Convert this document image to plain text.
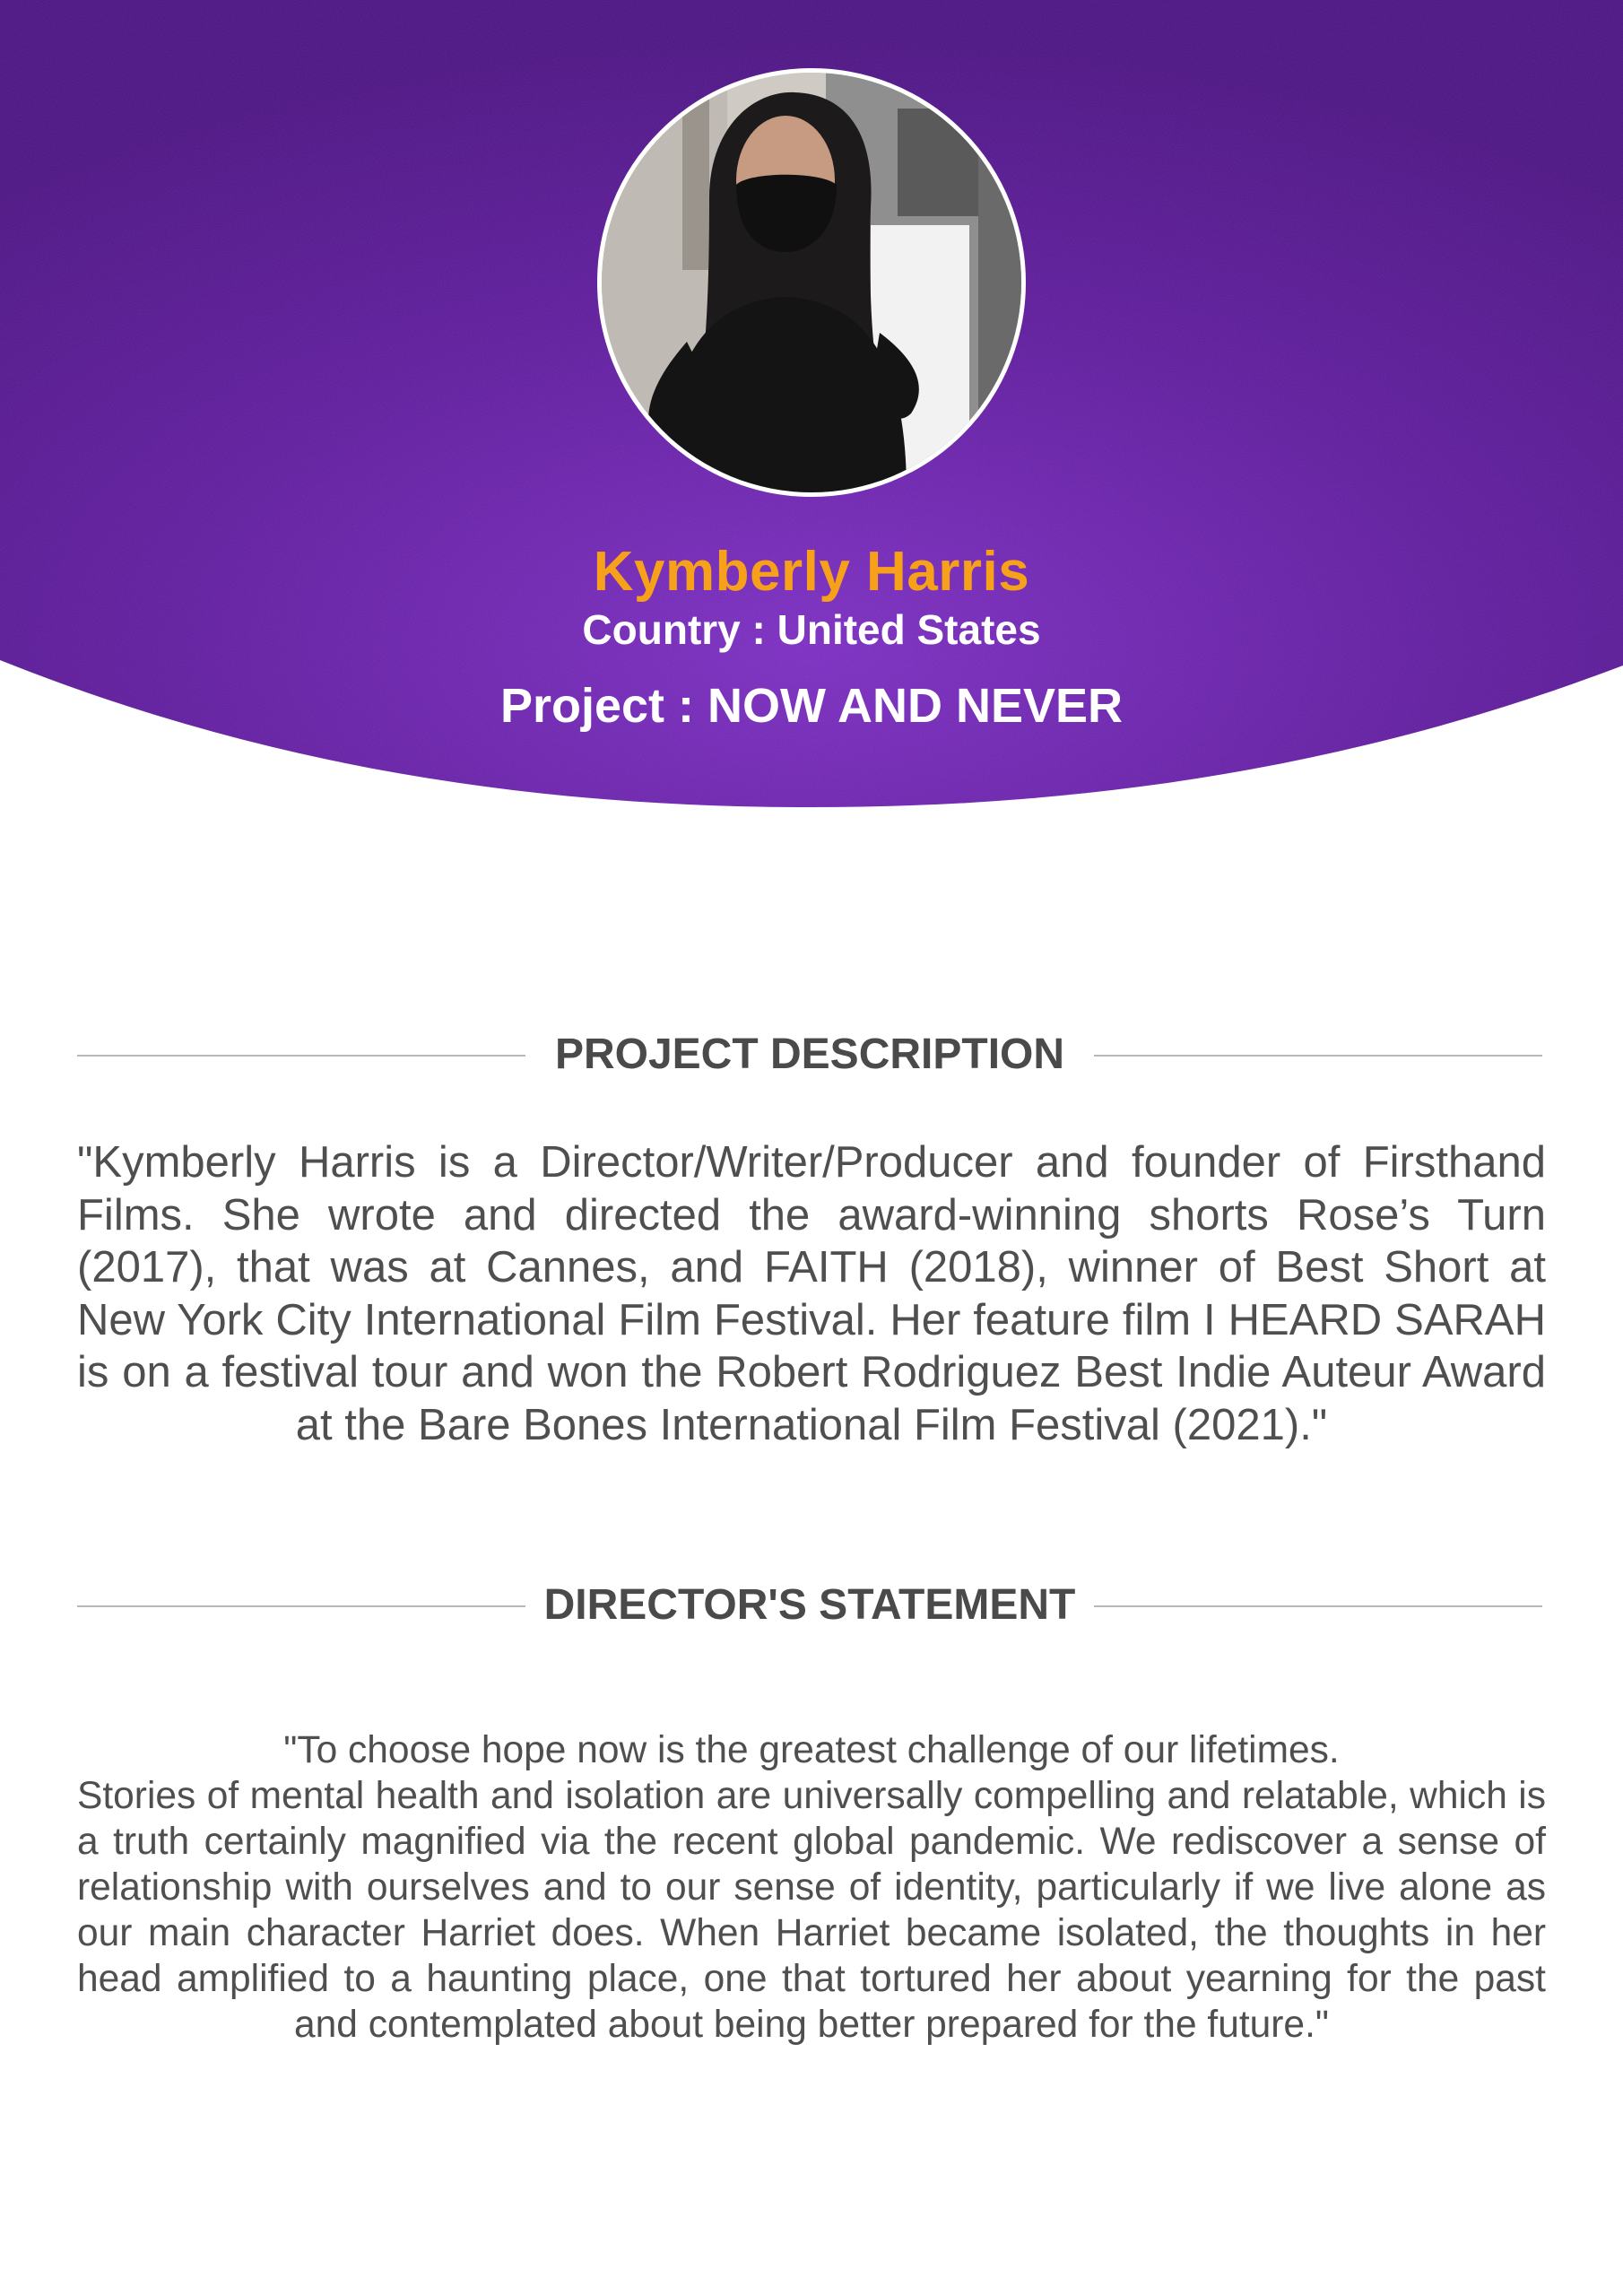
Kymberly Harris
Country : United States
Project : NOW AND NEVER
PROJECT DESCRIPTION
"Kymberly Harris is a Director/Writer/Producer and founder of Firsthand Films. She wrote and directed the award-winning shorts Rose’s Turn (2017), that was at Cannes, and FAITH (2018), winner of Best Short at New York City International Film Festival. Her feature film I HEARD SARAH is on a festival tour and won the Robert Rodriguez Best Indie Auteur Award at the Bare Bones International Film Festival (2021)."
DIRECTOR'S STATEMENT
"To choose hope now is the greatest challenge of our lifetimes.
Stories of mental health and isolation are universally compelling and relatable, which is a truth certainly magnified via the recent global pandemic. We rediscover a sense of relationship with ourselves and to our sense of identity, particularly if we live alone as our main character Harriet does. When Harriet became isolated, the thoughts in her head amplified to a haunting place, one that tortured her about yearning for the past and contemplated about being better prepared for the future."
